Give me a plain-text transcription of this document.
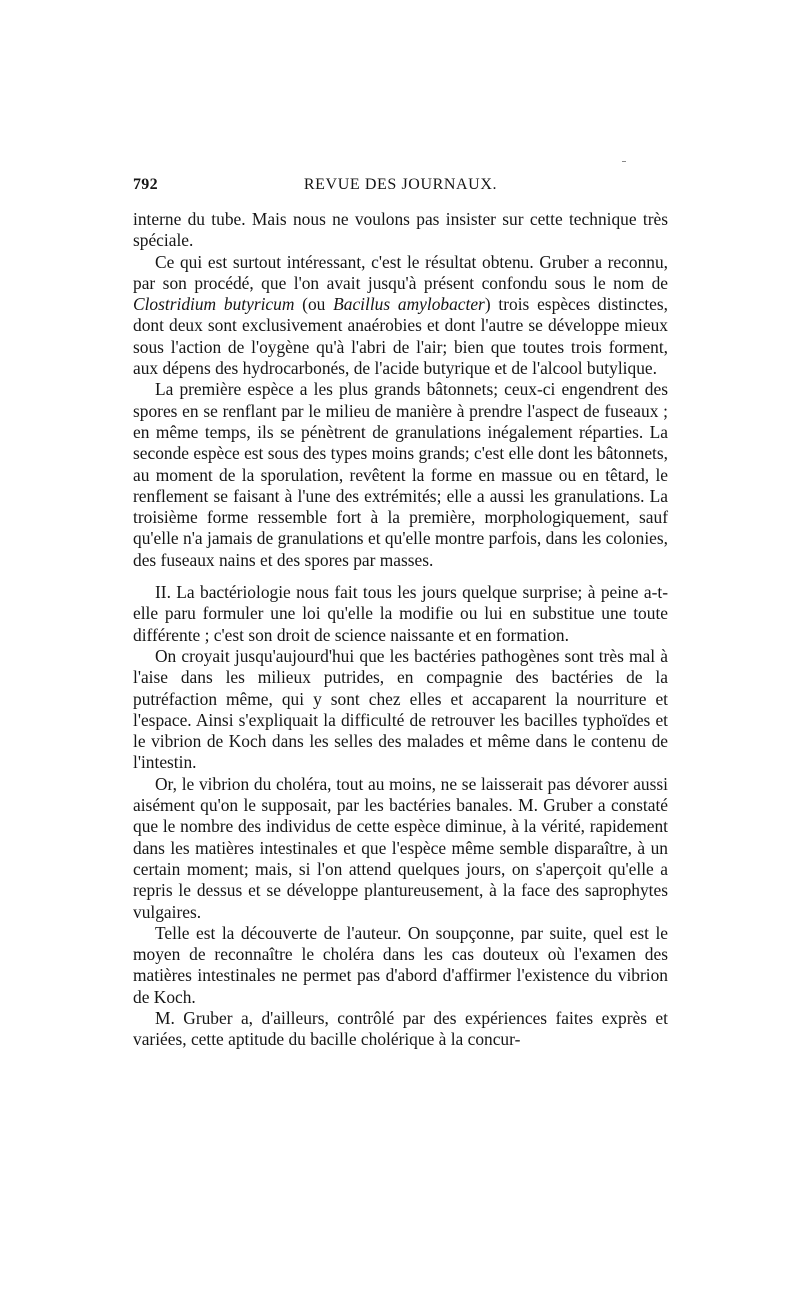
792	REVUE DES JOURNAUX.

interne du tube. Mais nous ne voulons pas insister sur cette technique très spéciale.

Ce qui est surtout intéressant, c'est le résultat obtenu. Gruber a reconnu, par son procédé, que l'on avait jusqu'à présent confondu sous le nom de Clostridium butyricum (ou Bacillus amylobacter) trois espèces distinctes, dont deux sont exclusivement anaérobies et dont l'autre se développe mieux sous l'action de l'oygène qu'à l'abri de l'air; bien que toutes trois forment, aux dépens des hydrocarbonés, de l'acide butyrique et de l'alcool butylique.

La première espèce a les plus grands bâtonnets; ceux-ci engendrent des spores en se renflant par le milieu de manière à prendre l'aspect de fuseaux ; en même temps, ils se pénètrent de granulations inégalement réparties. La seconde espèce est sous des types moins grands; c'est elle dont les bâtonnets, au moment de la sporulation, revêtent la forme en massue ou en têtard, le renflement se faisant à l'une des extrémités; elle a aussi les granulations. La troisième forme ressemble fort à la première, morphologiquement, sauf qu'elle n'a jamais de granulations et qu'elle montre parfois, dans les colonies, des fuseaux nains et des spores par masses.

II. La bactériologie nous fait tous les jours quelque surprise; à peine a-t-elle paru formuler une loi qu'elle la modifie ou lui en substitue une toute différente ; c'est son droit de science naissante et en formation.

On croyait jusqu'aujourd'hui que les bactéries pathogènes sont très mal à l'aise dans les milieux putrides, en compagnie des bactéries de la putréfaction même, qui y sont chez elles et accaparent la nourriture et l'espace. Ainsi s'expliquait la difficulté de retrouver les bacilles typhoïdes et le vibrion de Koch dans les selles des malades et même dans le contenu de l'intestin.

Or, le vibrion du choléra, tout au moins, ne se laisserait pas dévorer aussi aisément qu'on le supposait, par les bactéries banales. M. Gruber a constaté que le nombre des individus de cette espèce diminue, à la vérité, rapidement dans les matières intestinales et que l'espèce même semble disparaître, à un certain moment; mais, si l'on attend quelques jours, on s'aperçoit qu'elle a repris le dessus et se développe plantureusement, à la face des saprophytes vulgaires.

Telle est la découverte de l'auteur. On soupçonne, par suite, quel est le moyen de reconnaître le choléra dans les cas douteux où l'examen des matières intestinales ne permet pas d'abord d'affirmer l'existence du vibrion de Koch.

M. Gruber a, d'ailleurs, contrôlé par des expériences faites exprès et variées, cette aptitude du bacille cholérique à la concur-
